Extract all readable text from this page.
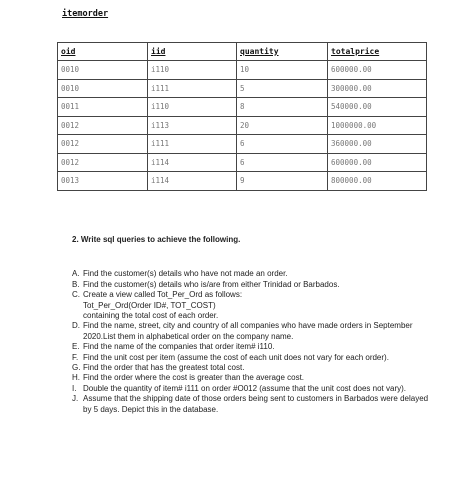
itemorder
oid	iid	quantity	totalprice
0010	i110	10	600000.00
0010	i111	5	300000.00
0011	i110	8	540000.00
0012	i113	20	1000000.00
0012	i111	6	360000.00
0012	i114	6	600000.00
0013	i114	9	800000.00

2. Write sql queries to achieve the following.

A. Find the customer(s) details who have not made an order.
B. Find the customer(s) details who is/are from either Trinidad or Barbados.
C. Create a view called Tot_Per_Ord as follows:
Tot_Per_Ord(Order ID#, TOT_COST)
containing the total cost of each order.
D. Find the name, street, city and country of all companies who have made orders in September 2020.List them in alphabetical order on the company name.
E. Find the name of the companies that order item# i110.
F. Find the unit cost per item (assume the cost of each unit does not vary for each order).
G. Find the order that has the greatest total cost.
H. Find the order where the cost is greater than the average cost.
I. Double the quantity of item# i111 on order #O012 (assume that the unit cost does not vary).
J. Assume that the shipping date of those orders being sent to customers in Barbados were delayed by 5 days. Depict this in the database.
